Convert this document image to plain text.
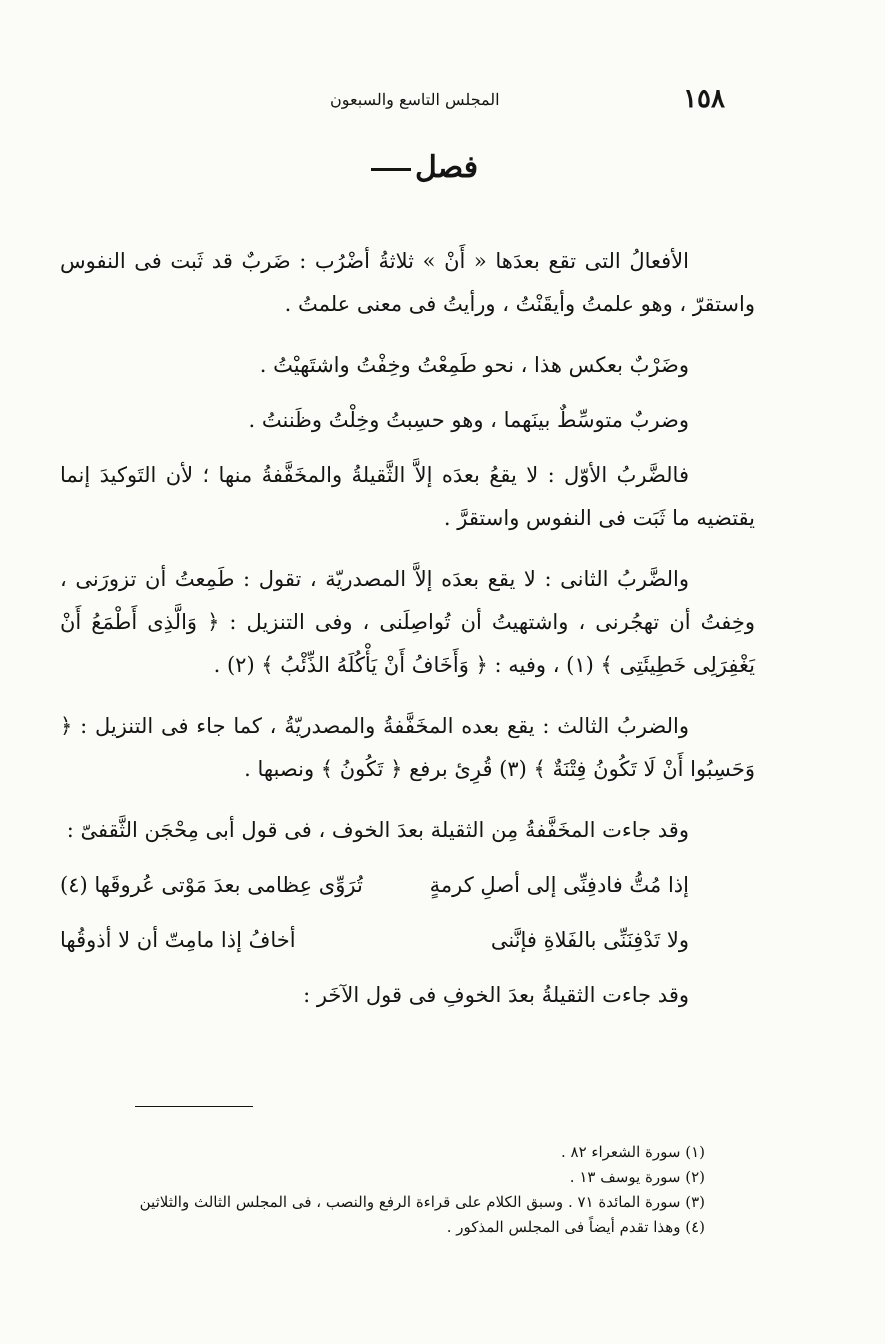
١٥٨
المجلس التاسع والسبعون
فصل

الأفعالُ التى تقع بعدَها « أَنْ » ثلاثةُ أضْرُب : ضَربٌ قد ثَبت فى النفوس واستقرّ ، وهو علمتُ وأيقَنْتُ ، ورأيتُ فى معنى علمتُ .

وضَرْبٌ بعكس هذا ، نحو طَمِعْتُ وخِفْتُ واشتَهيْتُ .

وضربٌ متوسِّطٌ بينَهما ، وهو حسِبتُ وخِلْتُ وظَننتُ .

فالضَّربُ الأوّل : لا يقعُ بعدَه إلاَّ الثَّقيلةُ والمخَفَّفةُ منها ؛ لأن التَوكيدَ إنما يقتضيه ما ثَبَت فى النفوس واستقرَّ .

والضَّربُ الثانى : لا يقع بعدَه إلاَّ المصدريّة ، تقول : طَمِعتُ أن تزورَنى ، وخِفتُ أن تهجُرنى ، واشتهيتُ أن تُواصِلَنى ، وفى التنزيل : ﴿ وَالَّذِى أَطْمَعُ أَنْ يَغْفِرَلِى خَطِيئَتِى ﴾ (١) ، وفيه : ﴿ وَأَخَافُ أَنْ يَأْكُلَهُ الذِّئْبُ ﴾ (٢) .

والضربُ الثالث : يقع بعده المخَفَّفةُ والمصدريّةُ ، كما جاء فى التنزيل : ﴿ وَحَسِبُوا أَنْ لَا تَكُونُ فِتْنَةٌ ﴾ (٣) قُرِئ برفع ﴿ تَكُونُ ﴾ ونصبها .

وقد جاءت المخَفَّفةُ مِن الثقيلة بعدَ الخوف ، فى قول أبى مِحْجَن الثَّقفىّ :

إذا مُتُّ فادفِنِّى إلى أصلِ كرمةٍ
تُرَوِّى عِظامى بعدَ مَوْتى عُروقَها (٤)
ولا تَدْفِنَنِّى بالفَلاةِ فإنَّنى
أخافُ إذا مامِتّ أن لا أذوقُها

وقد جاءت الثقيلةُ بعدَ الخوفِ فى قول الآخَر :

(١) سورة الشعراء ٨٢ .
(٢) سورة يوسف ١٣ .
(٣) سورة المائدة ٧١ . وسبق الكلام على قراءة الرفع والنصب ، فى المجلس الثالث والثلاثين
(٤) وهذا تقدم أيضاً فى المجلس المذكور .
